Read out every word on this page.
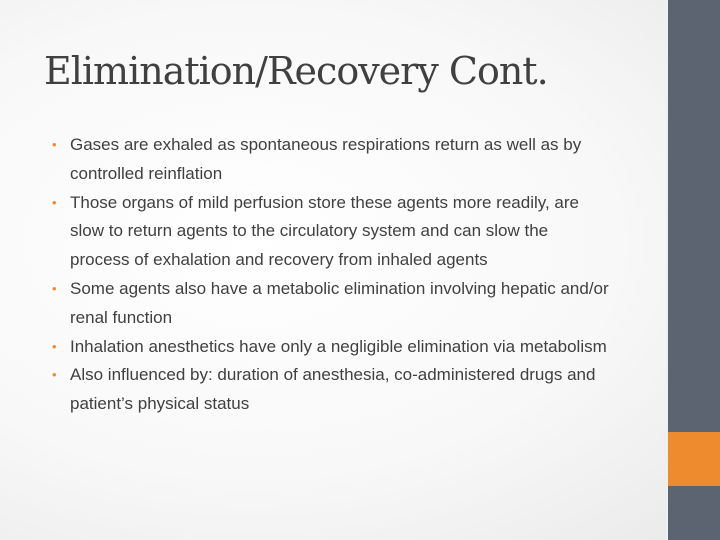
Elimination/Recovery Cont.
• Gases are exhaled as spontaneous respirations return as well as by controlled reinflation
• Those organs of mild perfusion store these agents more readily, are slow to return agents to the circulatory system and can slow the process of exhalation and recovery from inhaled agents
• Some agents also have a metabolic elimination involving hepatic and/or renal function
• Inhalation anesthetics have only a negligible elimination via metabolism
• Also influenced by: duration of anesthesia, co-administered drugs and patient’s physical status
